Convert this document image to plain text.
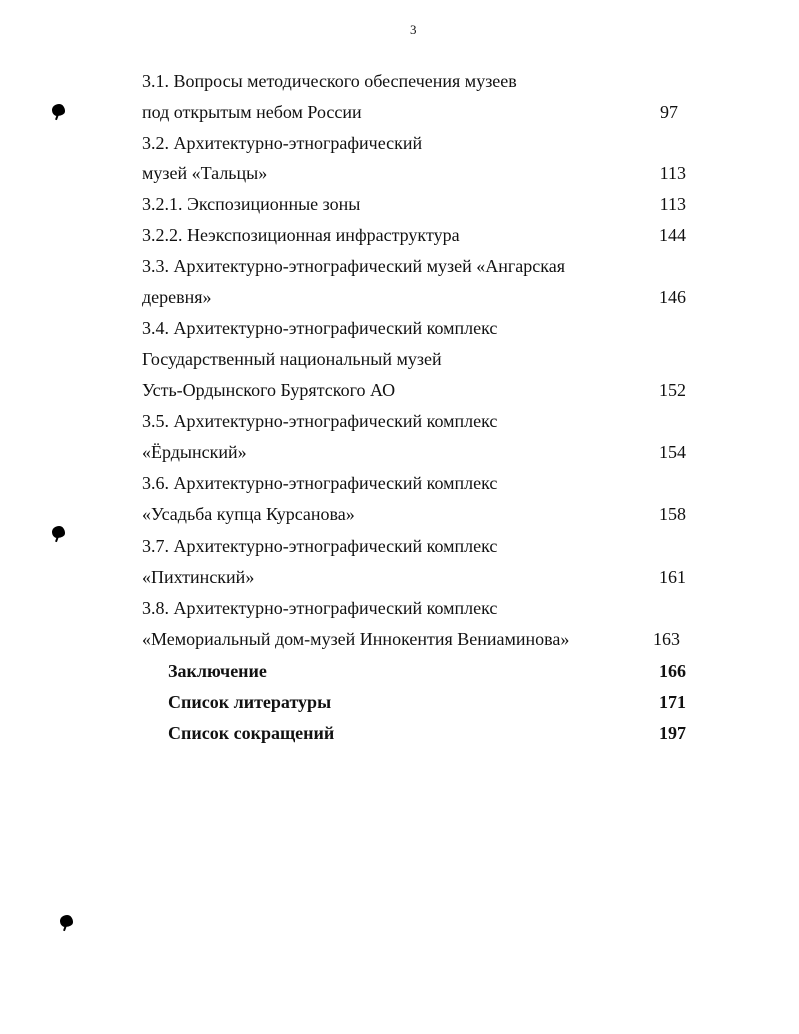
3
3.1. Вопросы методического обеспечения музеев
под открытым небом России	97
3.2. Архитектурно-этнографический
музей «Тальцы»	113
3.2.1. Экспозиционные зоны	113
3.2.2. Неэкспозиционная инфраструктура	144
3.3. Архитектурно-этнографический музей «Ангарская
деревня»	146
3.4. Архитектурно-этнографический комплекс
Государственный национальный музей
Усть-Ордынского Бурятского АО	152
3.5. Архитектурно-этнографический комплекс
«Ёрдынский»	154
3.6. Архитектурно-этнографический комплекс
«Усадьба купца Курсанова»	158
3.7. Архитектурно-этнографический комплекс
«Пихтинский»	161
3.8. Архитектурно-этнографический комплекс
«Мемориальный дом-музей Иннокентия Вениаминова»	163
Заключение	166
Список литературы	171
Список сокращений	197
